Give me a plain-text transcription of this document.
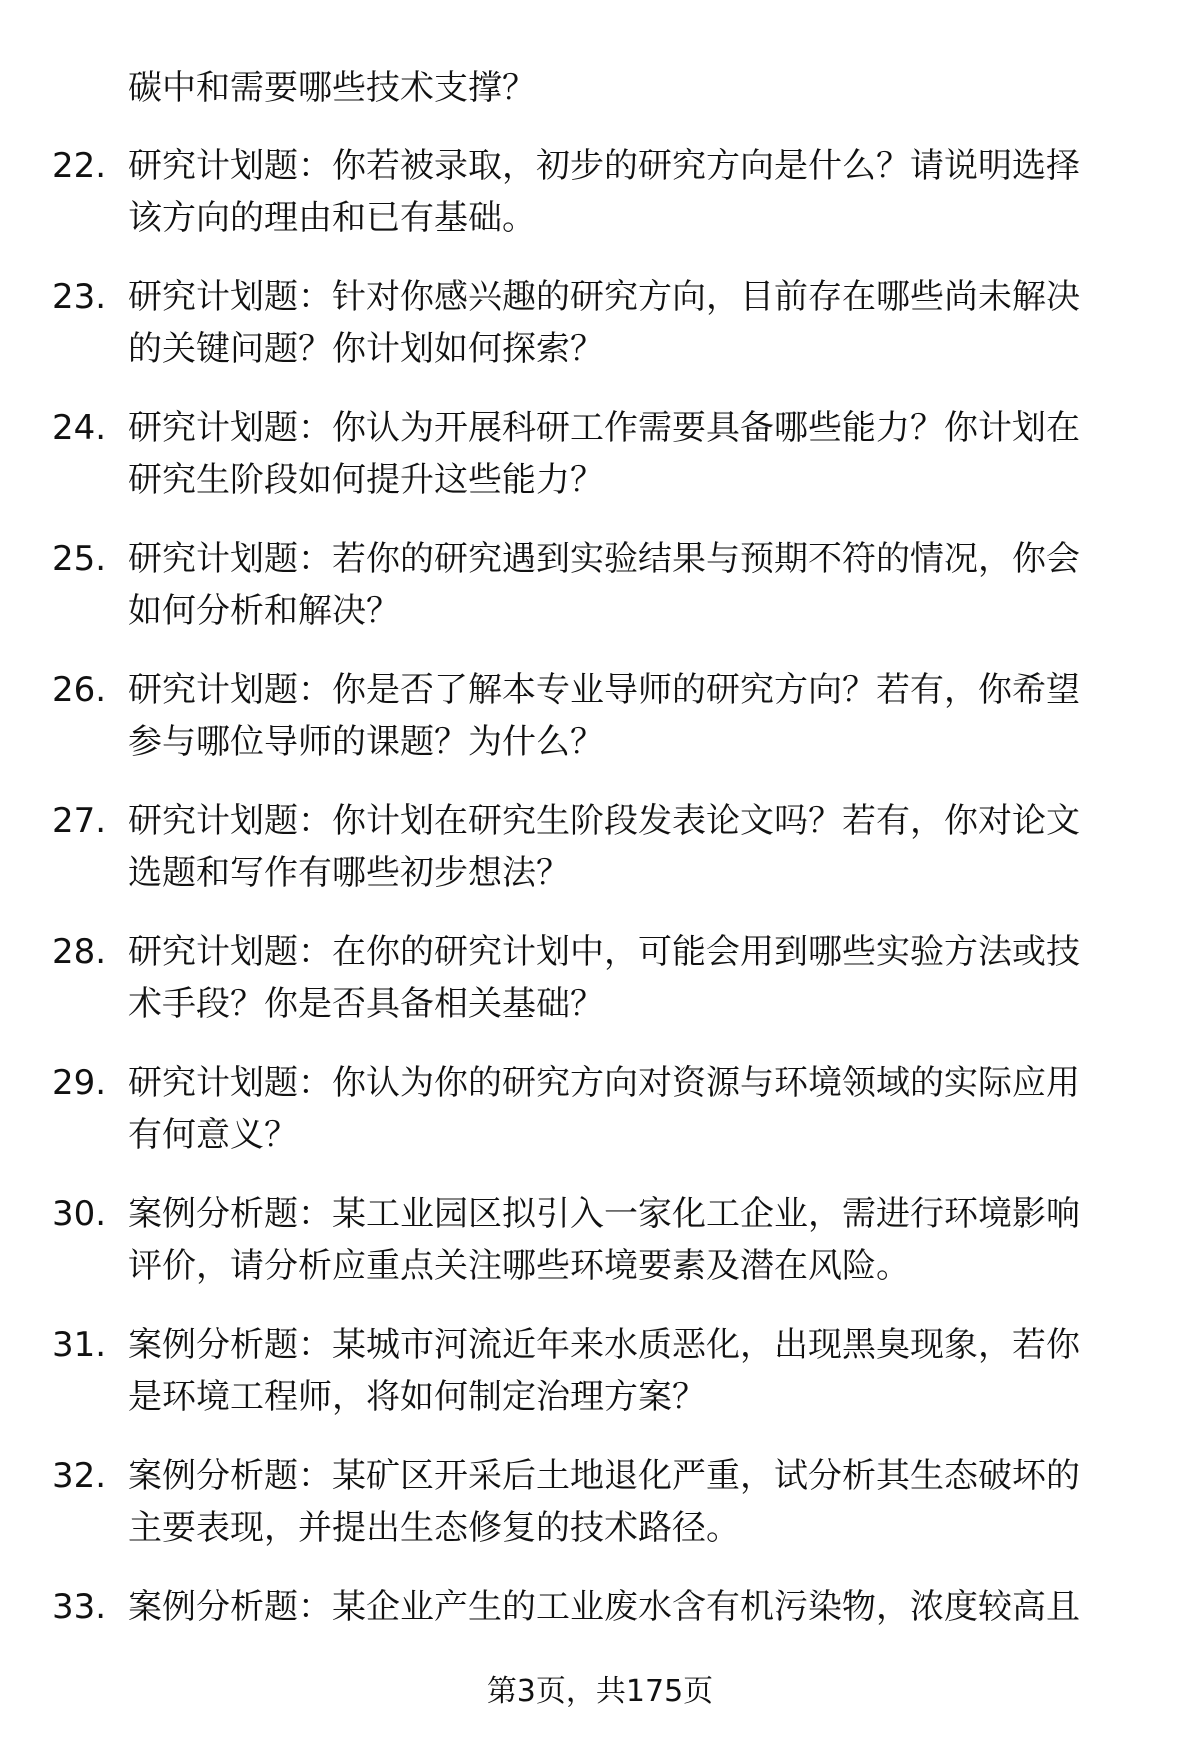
碳中和需要哪些技术支撑？
22. 研究计划题：你若被录取，初步的研究方向是什么？请说明选择
该方向的理由和已有基础。
23. 研究计划题：针对你感兴趣的研究方向，目前存在哪些尚未解决
的关键问题？你计划如何探索？
24. 研究计划题：你认为开展科研工作需要具备哪些能力？你计划在
研究生阶段如何提升这些能力？
25. 研究计划题：若你的研究遇到实验结果与预期不符的情况，你会
如何分析和解决？
26. 研究计划题：你是否了解本专业导师的研究方向？若有，你希望
参与哪位导师的课题？为什么？
27. 研究计划题：你计划在研究生阶段发表论文吗？若有，你对论文
选题和写作有哪些初步想法？
28. 研究计划题：在你的研究计划中，可能会用到哪些实验方法或技
术手段？你是否具备相关基础？
29. 研究计划题：你认为你的研究方向对资源与环境领域的实际应用
有何意义？
30. 案例分析题：某工业园区拟引入一家化工企业，需进行环境影响
评价，请分析应重点关注哪些环境要素及潜在风险。
31. 案例分析题：某城市河流近年来水质恶化，出现黑臭现象，若你
是环境工程师，将如何制定治理方案？
32. 案例分析题：某矿区开采后土地退化严重，试分析其生态破坏的
主要表现，并提出生态修复的技术路径。
33. 案例分析题：某企业产生的工业废水含有机污染物，浓度较高且
第3页，共175页
